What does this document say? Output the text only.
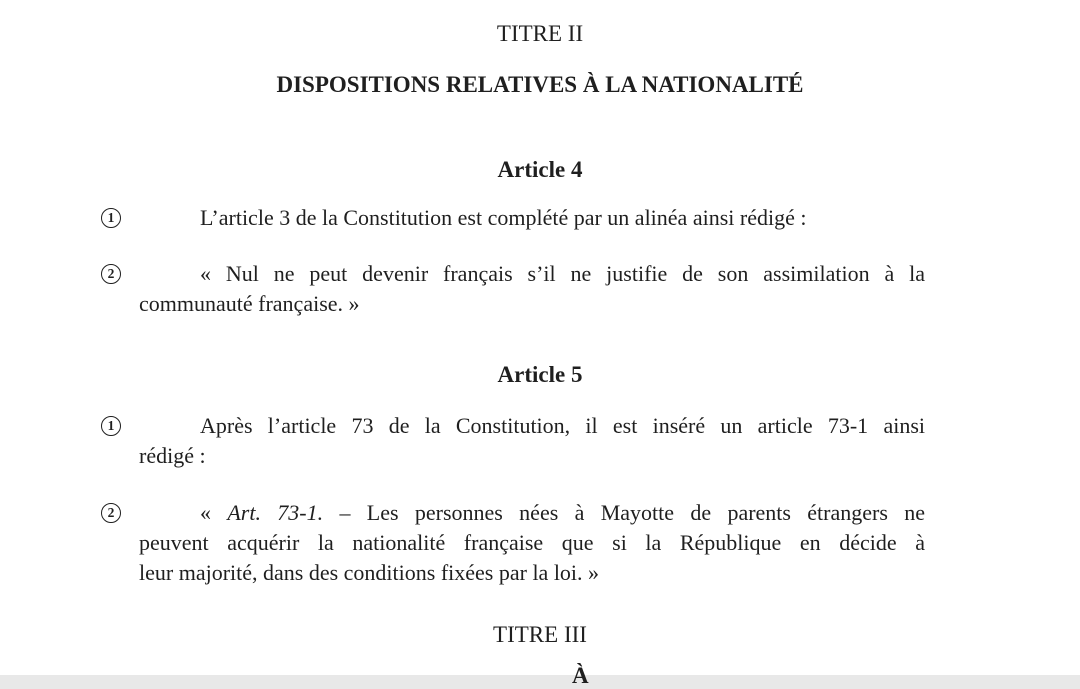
TITRE II
DISPOSITIONS RELATIVES À LA NATIONALITÉ
Article 4
1	L’article 3 de la Constitution est complété par un alinéa ainsi rédigé :
2	« Nul ne peut devenir français s’il ne justifie de son assimilation à la
communauté française. »
Article 5
1	Après l’article 73 de la Constitution, il est inséré un article 73-1 ainsi
rédigé :
2	« Art. 73-1. – Les personnes nées à Mayotte de parents étrangers ne
peuvent acquérir la nationalité française que si la République en décide à
leur majorité, dans des conditions fixées par la loi. »
TITRE III
À
